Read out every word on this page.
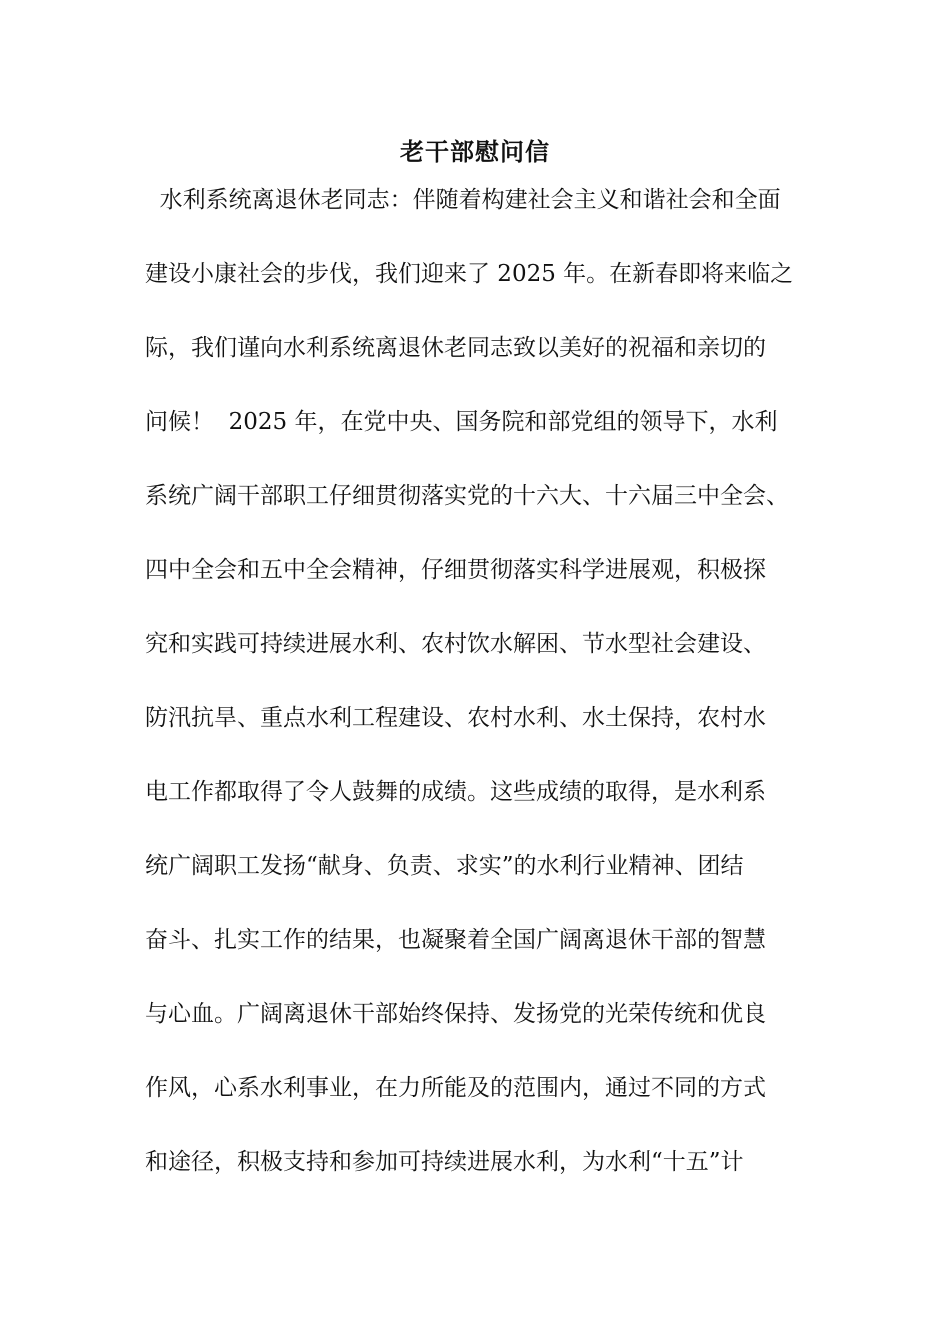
老干部慰问信
水利系统离退休老同志：伴随着构建社会主义和谐社会和全面
建设小康社会的步伐，我们迎来了 2025 年。在新春即将来临之
际，我们谨向水利系统离退休老同志致以美好的祝福和亲切的
问候！  2025 年，在党中央、国务院和部党组的领导下，水利
系统广阔干部职工仔细贯彻落实党的十六大、十六届三中全会、
四中全会和五中全会精神，仔细贯彻落实科学进展观，积极探
究和实践可持续进展水利、农村饮水解困、节水型社会建设、
防汛抗旱、重点水利工程建设、农村水利、水土保持，农村水
电工作都取得了令人鼓舞的成绩。这些成绩的取得，是水利系
统广阔职工发扬“献身、负责、求实”的水利行业精神、团结
奋斗、扎实工作的结果，也凝聚着全国广阔离退休干部的智慧
与心血。广阔离退休干部始终保持、发扬党的光荣传统和优良
作风，心系水利事业，在力所能及的范围内，通过不同的方式
和途径，积极支持和参加可持续进展水利，为水利“十五”计
